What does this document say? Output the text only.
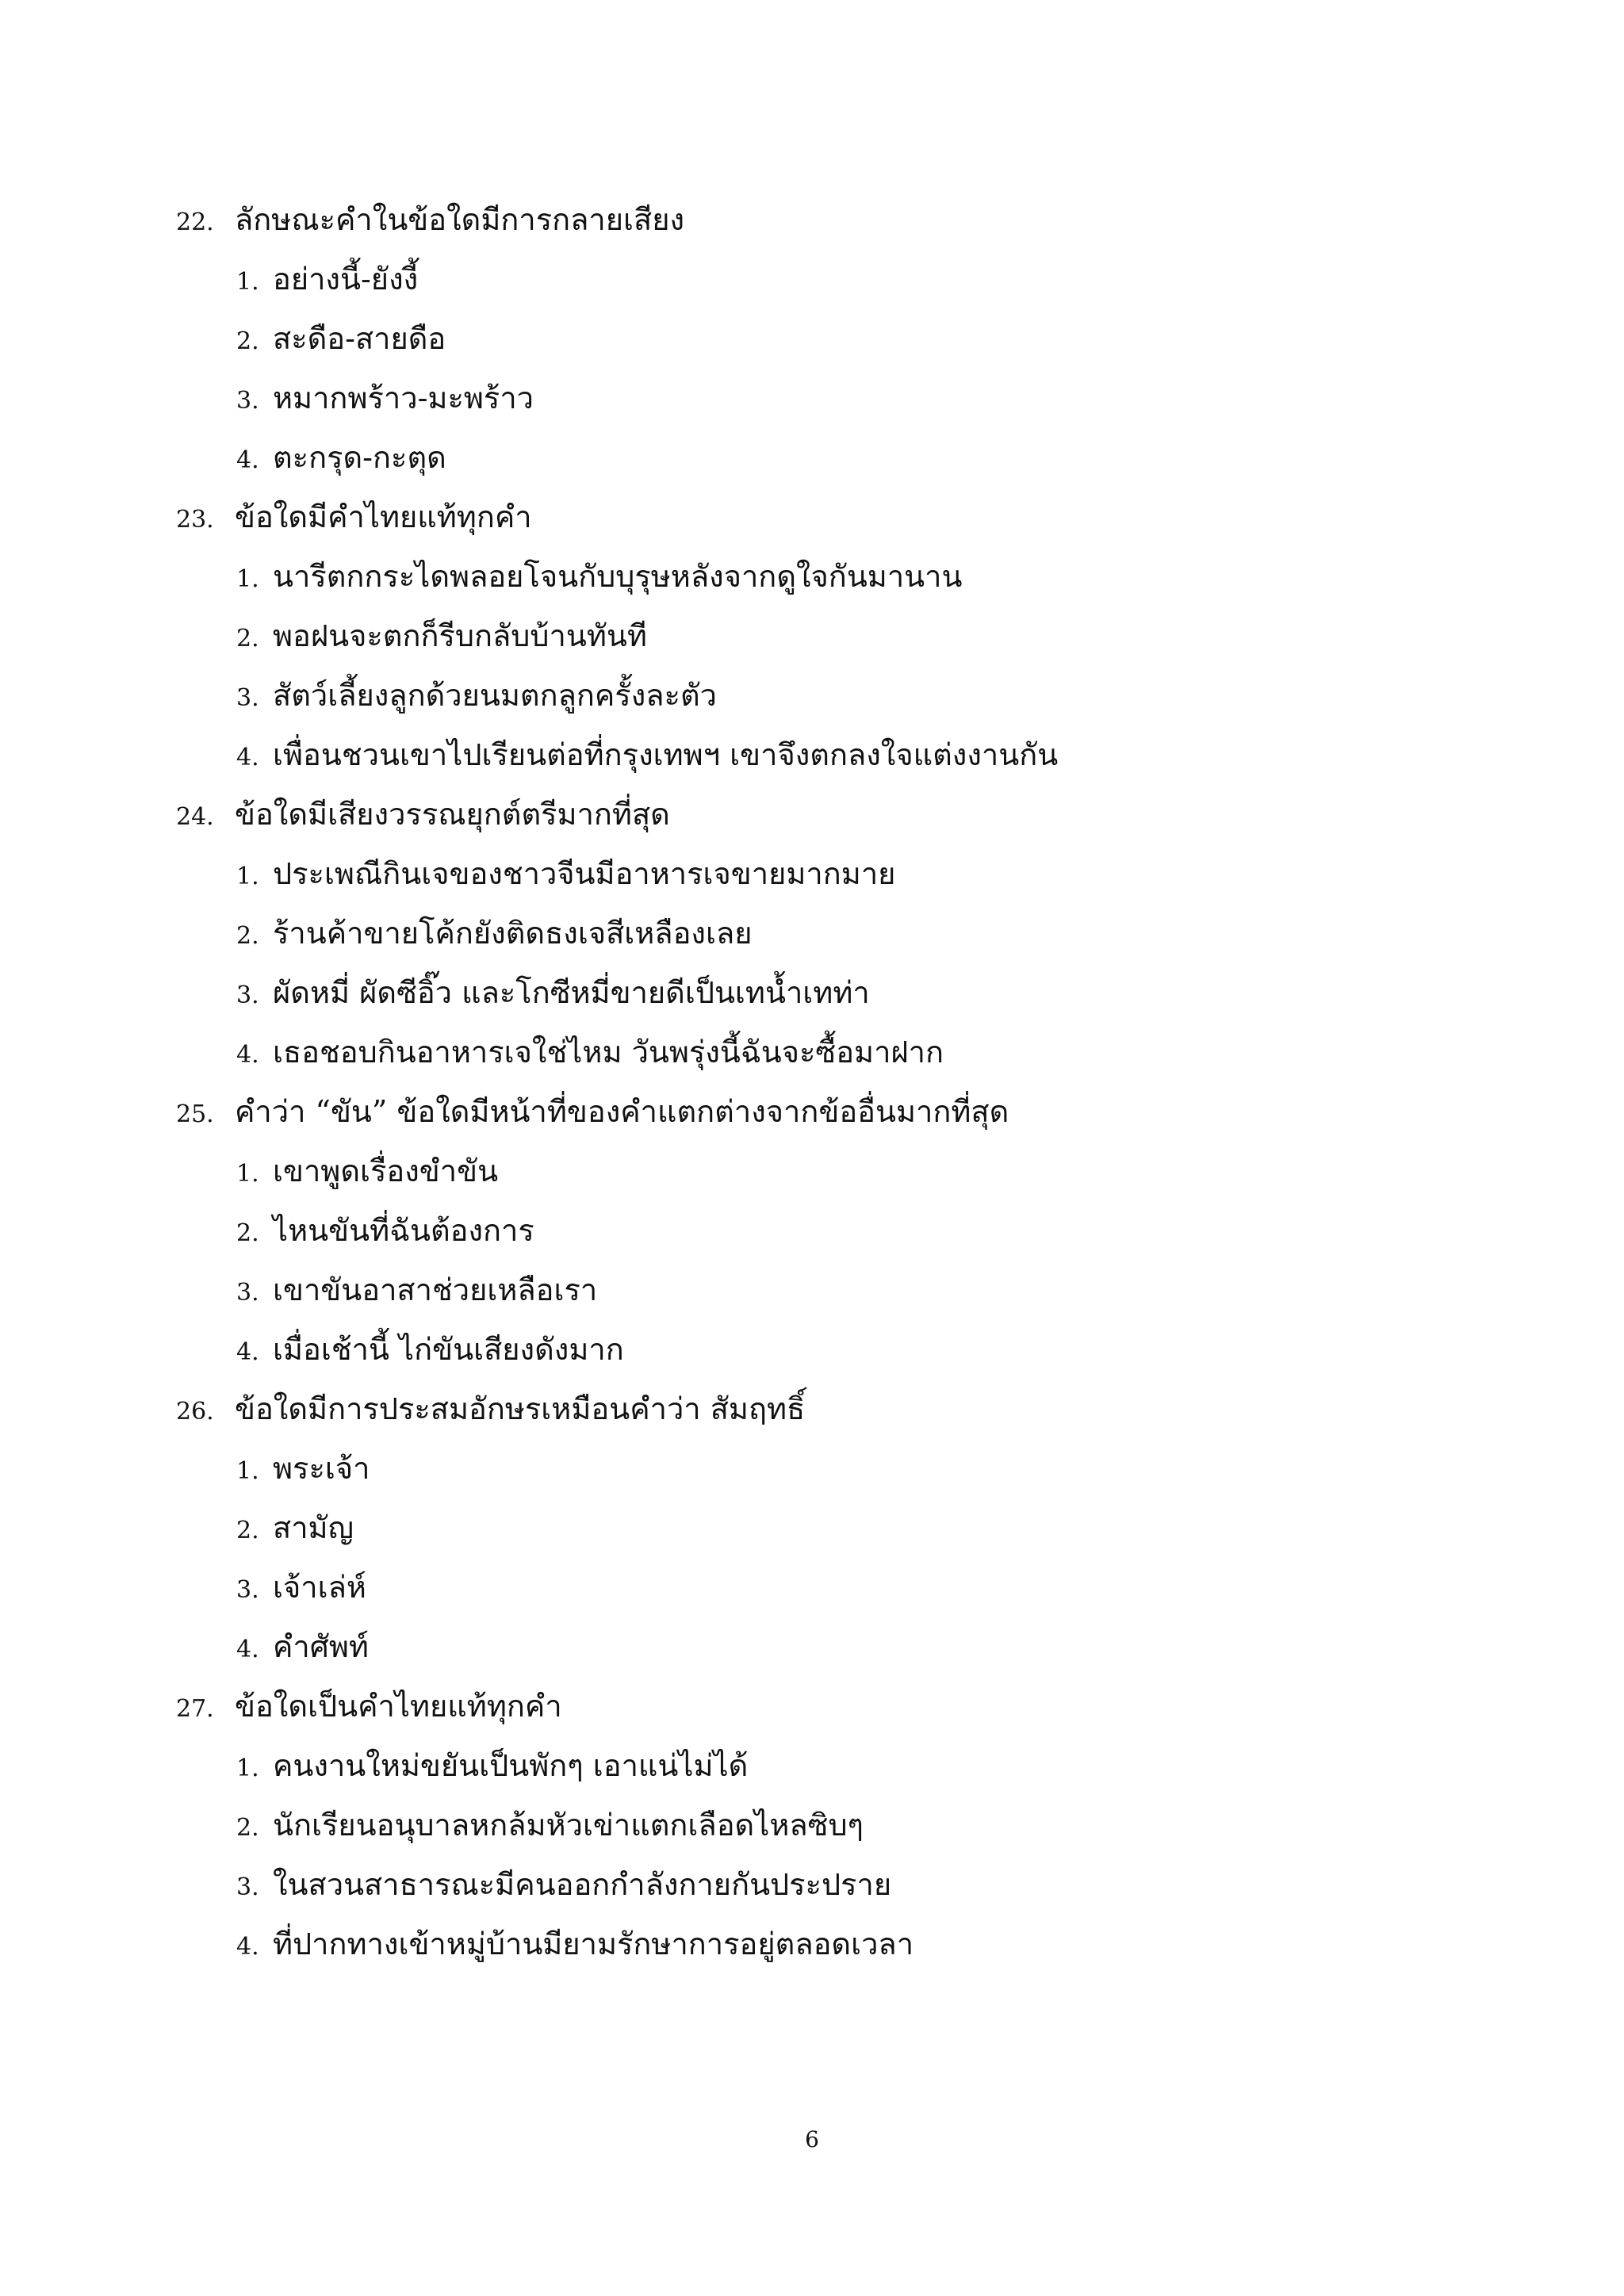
22. ลักษณะคำในข้อใดมีการกลายเสียง
1. อย่างนี้-ยังงี้
2. สะดือ-สายดือ
3. หมากพร้าว-มะพร้าว
4. ตะกรุด-กะตุด
23. ข้อใดมีคำไทยแท้ทุกคำ
1. นารีตกกระไดพลอยโจนกับบุรุษหลังจากดูใจกันมานาน
2. พอฝนจะตกก็รีบกลับบ้านทันที
3. สัตว์เลี้ยงลูกด้วยนมตกลูกครั้งละตัว
4. เพื่อนชวนเขาไปเรียนต่อที่กรุงเทพฯ เขาจึงตกลงใจแต่งงานกัน
24. ข้อใดมีเสียงวรรณยุกต์ตรีมากที่สุด
1. ประเพณีกินเจของชาวจีนมีอาหารเจขายมากมาย
2. ร้านค้าขายโค้กยังติดธงเจสีเหลืองเลย
3. ผัดหมี่ ผัดซีอิ๊ว และโกซีหมี่ขายดีเป็นเทน้ำเทท่า
4. เธอชอบกินอาหารเจใช่ไหม วันพรุ่งนี้ฉันจะซื้อมาฝาก
25. คำว่า “ขัน” ข้อใดมีหน้าที่ของคำแตกต่างจากข้ออื่นมากที่สุด
1. เขาพูดเรื่องขำขัน
2. ไหนขันที่ฉันต้องการ
3. เขาขันอาสาช่วยเหลือเรา
4. เมื่อเช้านี้ ไก่ขันเสียงดังมาก
26. ข้อใดมีการประสมอักษรเหมือนคำว่า สัมฤทธิ์
1. พระเจ้า
2. สามัญ
3. เจ้าเล่ห์
4. คำศัพท์
27. ข้อใดเป็นคำไทยแท้ทุกคำ
1. คนงานใหม่ขยันเป็นพักๆ เอาแน่ไม่ได้
2. นักเรียนอนุบาลหกล้มหัวเข่าแตกเลือดไหลซิบๆ
3. ในสวนสาธารณะมีคนออกกำลังกายกันประปราย
4. ที่ปากทางเข้าหมู่บ้านมียามรักษาการอยู่ตลอดเวลา
6
